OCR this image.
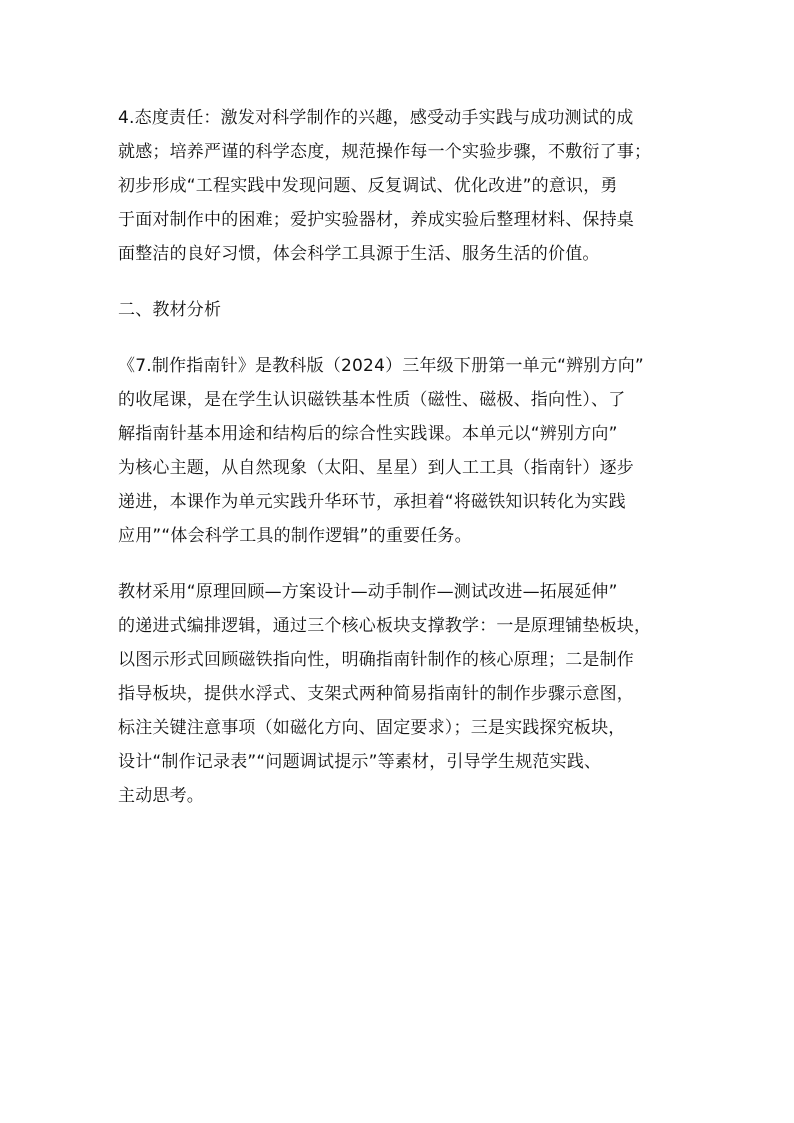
4.态度责任：激发对科学制作的兴趣，感受动手实践与成功测试的成
就感；培养严谨的科学态度，规范操作每一个实验步骤，不敷衍了事；
初步形成“工程实践中发现问题、反复调试、优化改进”的意识，勇
于面对制作中的困难；爱护实验器材，养成实验后整理材料、保持桌
面整洁的良好习惯，体会科学工具源于生活、服务生活的价值。

二、教材分析

《7.制作指南针》是教科版（2024）三年级下册第一单元“辨别方向”
的收尾课，是在学生认识磁铁基本性质（磁性、磁极、指向性）、了
解指南针基本用途和结构后的综合性实践课。本单元以“辨别方向”
为核心主题，从自然现象（太阳、星星）到人工工具（指南针）逐步
递进，本课作为单元实践升华环节，承担着“将磁铁知识转化为实践
应用”“体会科学工具的制作逻辑”的重要任务。

教材采用“原理回顾—方案设计—动手制作—测试改进—拓展延伸”
的递进式编排逻辑，通过三个核心板块支撑教学：一是原理铺垫板块，
以图示形式回顾磁铁指向性，明确指南针制作的核心原理；二是制作
指导板块，提供水浮式、支架式两种简易指南针的制作步骤示意图，
标注关键注意事项（如磁化方向、固定要求）；三是实践探究板块，
设计“制作记录表”“问题调试提示”等素材，引导学生规范实践、
主动思考。
